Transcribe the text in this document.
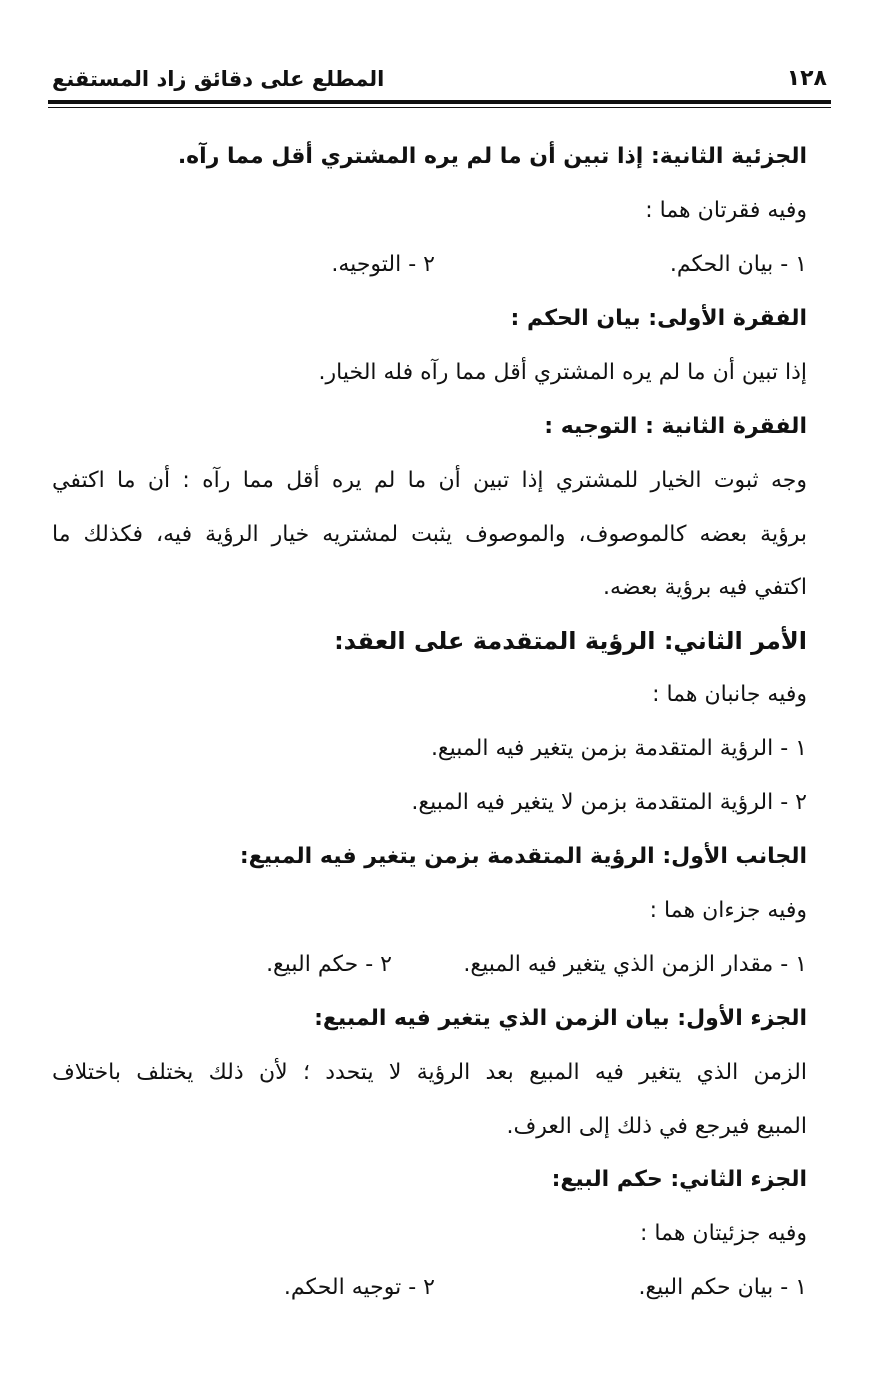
١٢٨
المطلع على دقائق زاد المستقنع
الجزئية الثانية: إذا تبين أن ما لم يره المشتري أقل مما رآه.
وفيه فقرتان هما :
١ - بيان الحكم.
٢ - التوجيه.
الفقرة الأولى: بيان الحكم :
إذا تبين أن ما لم يره المشتري أقل مما رآه فله الخيار.
الفقرة الثانية : التوجيه :
وجه ثبوت الخيار للمشتري إذا تبين أن ما لم يره أقل مما رآه : أن ما اكتفي
برؤية بعضه كالموصوف، والموصوف يثبت لمشتريه خيار الرؤية فيه، فكذلك ما
اكتفي فيه برؤية بعضه.
الأمر الثاني: الرؤية المتقدمة على العقد:
وفيه جانبان هما :
١ - الرؤية المتقدمة بزمن يتغير فيه المبيع.
٢ - الرؤية المتقدمة بزمن لا يتغير فيه المبيع.
الجانب الأول: الرؤية المتقدمة بزمن يتغير فيه المبيع:
وفيه جزءان هما :
١ - مقدار الزمن الذي يتغير فيه المبيع.
٢ - حكم البيع.
الجزء الأول: بيان الزمن الذي يتغير فيه المبيع:
الزمن الذي يتغير فيه المبيع بعد الرؤية لا يتحدد ؛ لأن ذلك يختلف باختلاف
المبيع فيرجع في ذلك إلى العرف.
الجزء الثاني: حكم البيع:
وفيه جزئيتان هما :
١ - بيان حكم البيع.
٢ - توجيه الحكم.
